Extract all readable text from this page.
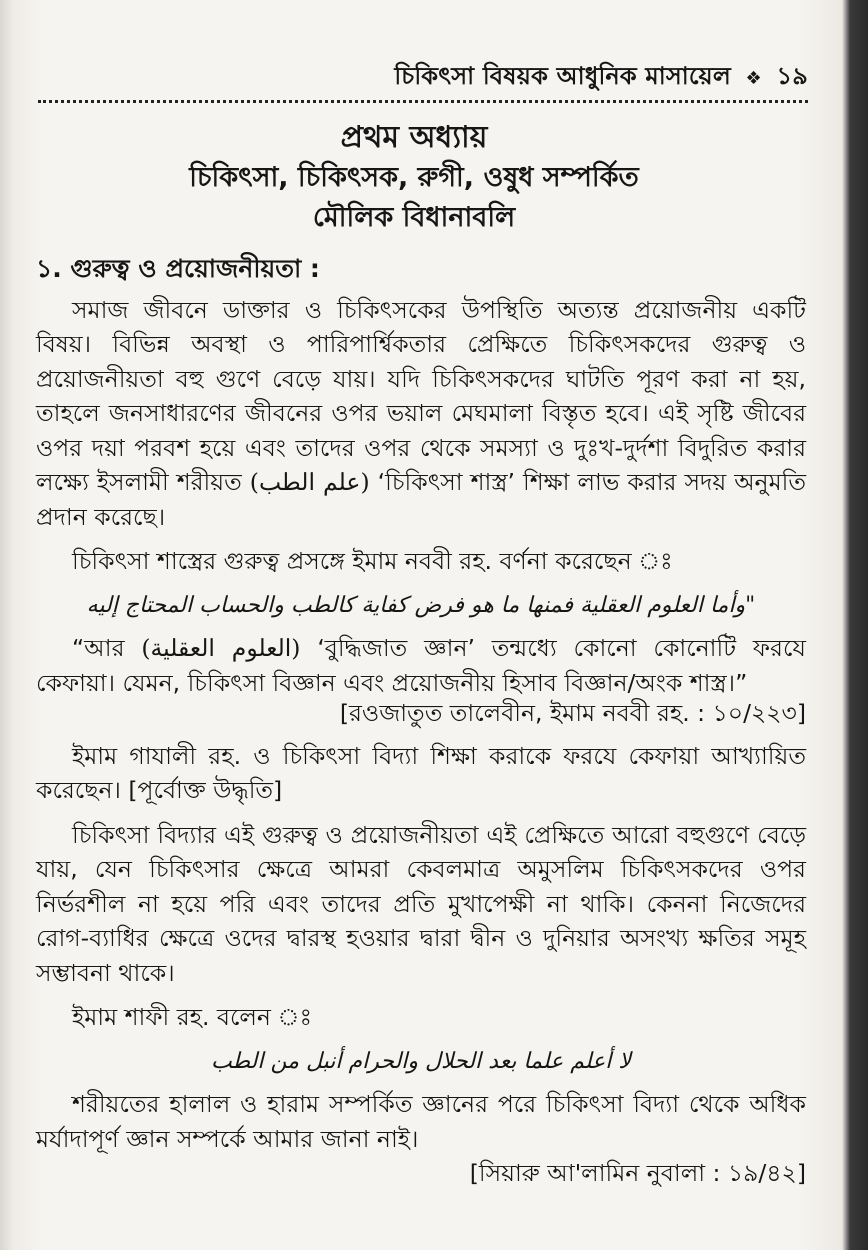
চিকিৎসা বিষয়ক আধুনিক মাসায়েল ❖ ১৯
প্রথম অধ্যায়
চিকিৎসা, চিকিৎসক, রুগী, ওষুধ সম্পর্কিত
মৌলিক বিধানাবলি
১. গুরুত্ব ও প্রয়োজনীয়তা :

সমাজ জীবনে ডাক্তার ও চিকিৎসকের উপস্থিতি অত্যন্ত প্রয়োজনীয় একটি বিষয়। বিভিন্ন অবস্থা ও পারিপার্শ্বিকতার প্রেক্ষিতে চিকিৎসকদের গুরুত্ব ও প্রয়োজনীয়তা বহু গুণে বেড়ে যায়। যদি চিকিৎসকদের ঘাটতি পূরণ করা না হয়, তাহলে জনসাধারণের জীবনের ওপর ভয়াল মেঘমালা বিস্তৃত হবে। এই সৃষ্টি জীবের ওপর দয়া পরবশ হয়ে এবং তাদের ওপর থেকে সমস্যা ও দুঃখ-দুর্দশা বিদুরিত করার লক্ষ্যে ইসলামী শরীয়ত (علم الطب) ‘চিকিৎসা শাস্ত্র’ শিক্ষা লাভ করার সদয় অনুমতি প্রদান করেছে।

চিকিৎসা শাস্ত্রের গুরুত্ব প্রসঙ্গে ইমাম নববী রহ. বর্ণনা করেছেন ঃ

"وأما العلوم العقلية فمنها ما هو فرض كفاية كالطب والحساب المحتاج إليه

“আর (العلوم العقلية) ‘বুদ্ধিজাত জ্ঞান’ তন্মধ্যে কোনো কোনোটি ফরযে কেফায়া। যেমন, চিকিৎসা বিজ্ঞান এবং প্রয়োজনীয় হিসাব বিজ্ঞান/অংক শাস্ত্র।”

[রওজাতুত তালেবীন, ইমাম নববী রহ. : ১০/২২৩]

ইমাম গাযালী রহ. ও চিকিৎসা বিদ্যা শিক্ষা করাকে ফরযে কেফায়া আখ্যায়িত করেছেন। [পূর্বোক্ত উদ্ধৃতি]

চিকিৎসা বিদ্যার এই গুরুত্ব ও প্রয়োজনীয়তা এই প্রেক্ষিতে আরো বহুগুণে বেড়ে যায়, যেন চিকিৎসার ক্ষেত্রে আমরা কেবলমাত্র অমুসলিম চিকিৎসকদের ওপর নির্ভরশীল না হয়ে পরি এবং তাদের প্রতি মুখাপেক্ষী না থাকি। কেননা নিজেদের রোগ-ব্যাধির ক্ষেত্রে ওদের দ্বারস্থ হওয়ার দ্বারা দ্বীন ও দুনিয়ার অসংখ্য ক্ষতির সমূহ সম্ভাবনা থাকে।

ইমাম শাফী রহ. বলেন ঃ

لا أعلم علما بعد الحلال والحرام أنبل من الطب

শরীয়তের হালাল ও হারাম সম্পর্কিত জ্ঞানের পরে চিকিৎসা বিদ্যা থেকে অধিক মর্যাদাপূর্ণ জ্ঞান সম্পর্কে আমার জানা নাই।

[সিয়ারু আ'লামিন নুবালা : ১৯/৪২]
